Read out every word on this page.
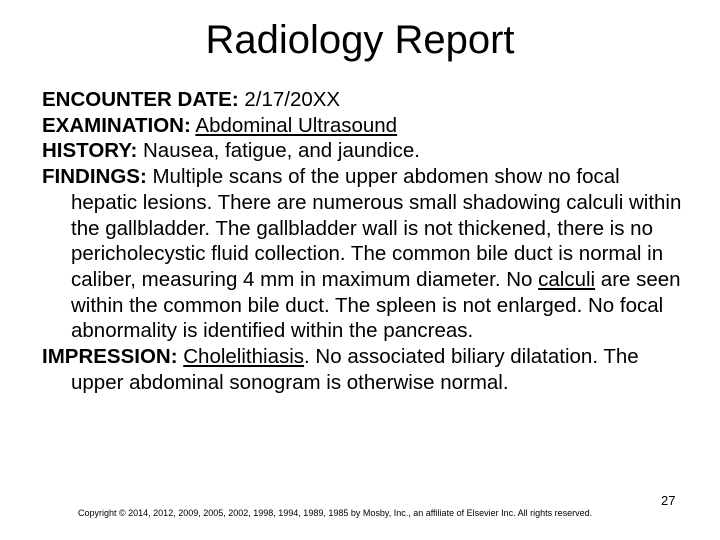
Radiology Report

ENCOUNTER DATE: 2/17/20XX

EXAMINATION: Abdominal Ultrasound

HISTORY: Nausea, fatigue, and jaundice.

FINDINGS: Multiple scans of the upper abdomen show no focal hepatic lesions. There are numerous small shadowing calculi within the gallbladder. The gallbladder wall is not thickened, there is no pericholecystic fluid collection. The common bile duct is normal in caliber, measuring 4 mm in maximum diameter. No calculi are seen within the common bile duct. The spleen is not enlarged. No focal abnormality is identified within the pancreas.

IMPRESSION: Cholelithiasis. No associated biliary dilatation. The upper abdominal sonogram is otherwise normal.

Copyright © 2014, 2012, 2009, 2005, 2002, 1998, 1994, 1989, 1985 by Mosby, Inc., an affiliate of Elsevier Inc. All rights reserved.
27
